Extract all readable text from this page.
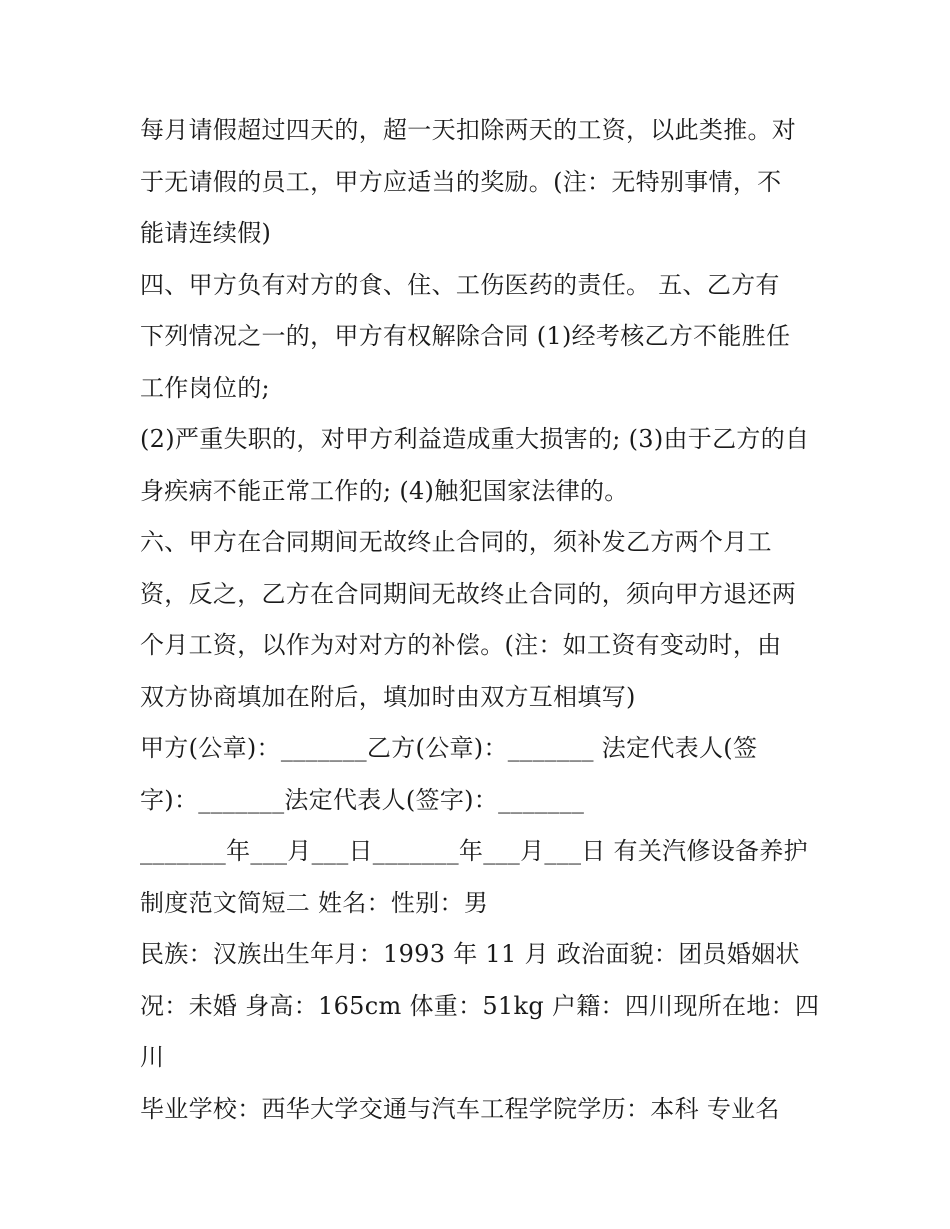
每月请假超过四天的，超一天扣除两天的工资，以此类推。对
于无请假的员工，甲方应适当的奖励。(注：无特别事情，不
能请连续假)
四、甲方负有对方的食、住、工伤医药的责任。 五、乙方有
下列情况之一的，甲方有权解除合同 (1)经考核乙方不能胜任
工作岗位的;
(2)严重失职的，对甲方利益造成重大损害的; (3)由于乙方的自
身疾病不能正常工作的; (4)触犯国家法律的。
六、甲方在合同期间无故终止合同的，须补发乙方两个月工
资，反之，乙方在合同期间无故终止合同的，须向甲方退还两
个月工资，以作为对对方的补偿。(注：如工资有变动时，由
双方协商填加在附后，填加时由双方互相填写)
甲方(公章)：_______乙方(公章)：_______ 法定代表人(签
字)：_______法定代表人(签字)：_______
_______年___月___日_______年___月___日 有关汽修设备养护
制度范文简短二 姓名：性别：男
民族：汉族出生年月：1993 年 11 月 政治面貌：团员婚姻状
况：未婚 身高：165cm 体重：51kg 户籍：四川现所在地：四
川
毕业学校：西华大学交通与汽车工程学院学历：本科 专业名
